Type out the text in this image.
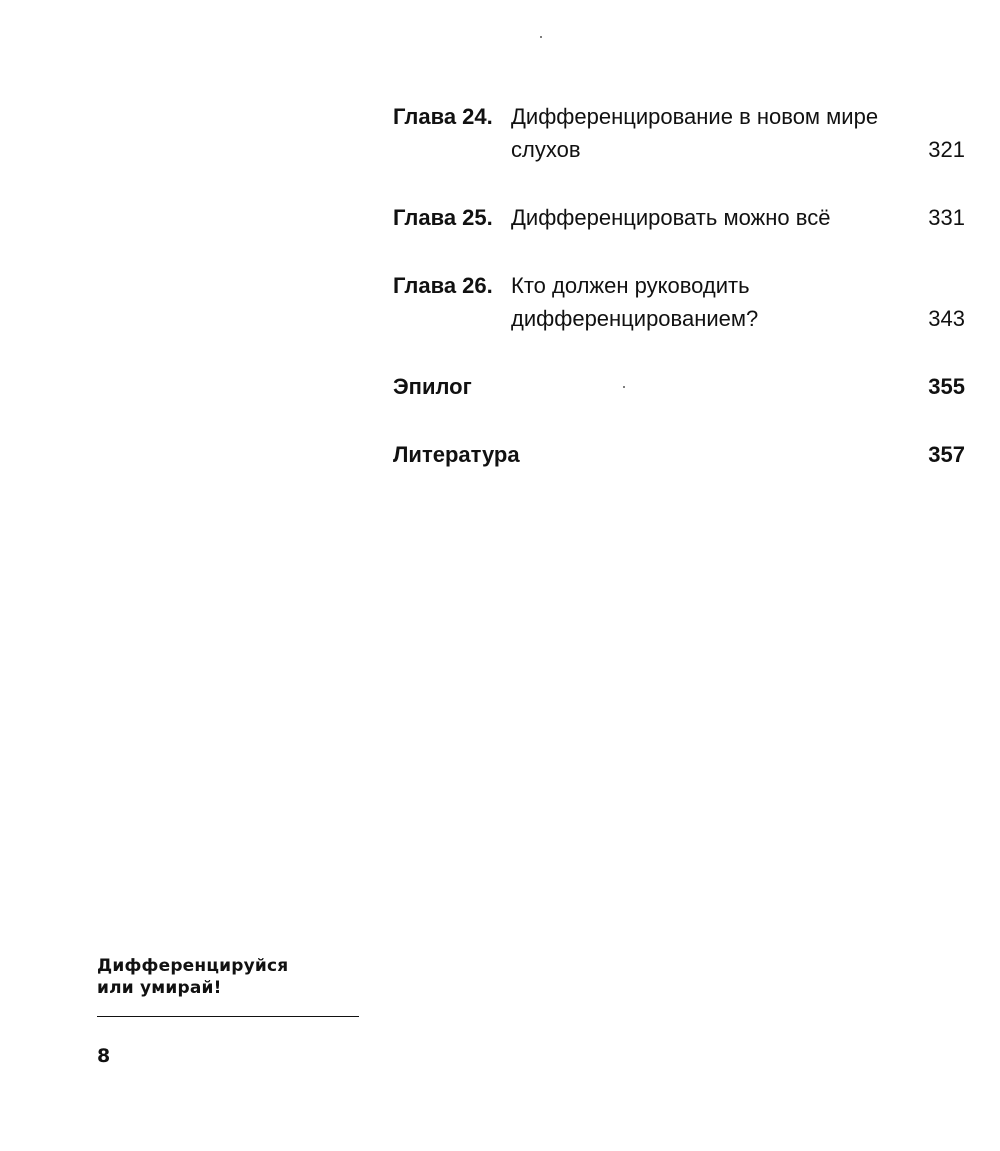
Глава 24. Дифференцирование в новом мире
слухов	321
Глава 25. Дифференцировать можно всё	331
Глава 26. Кто должен руководить
дифференцированием?	343
Эпилог	355
Литература	357
Дифференцируйся
или умирай!
8
